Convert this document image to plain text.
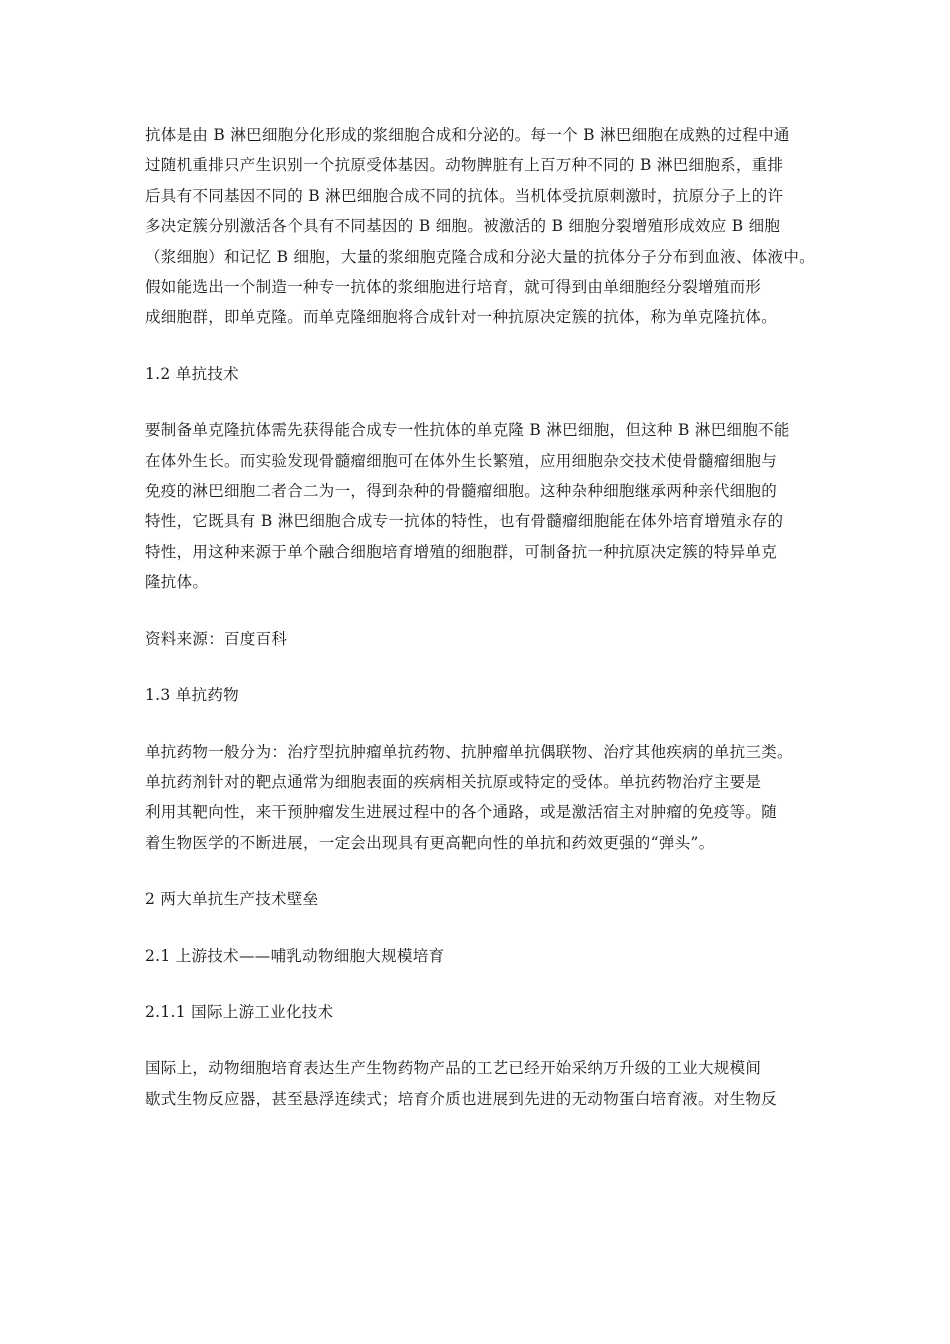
抗体是由 B 淋巴细胞分化形成的浆细胞合成和分泌的。每一个 B 淋巴细胞在成熟的过程中通
过随机重排只产生识别一个抗原受体基因。动物脾脏有上百万种不同的 B 淋巴细胞系，重排
后具有不同基因不同的 B 淋巴细胞合成不同的抗体。当机体受抗原刺激时，抗原分子上的许
多决定簇分别激活各个具有不同基因的 B 细胞。被激活的 B 细胞分裂增殖形成效应 B 细胞
（浆细胞）和记忆 B 细胞，大量的浆细胞克隆合成和分泌大量的抗体分子分布到血液、体液中。
假如能选出一个制造一种专一抗体的浆细胞进行培育，就可得到由单细胞经分裂增殖而形
成细胞群，即单克隆。而单克隆细胞将合成针对一种抗原决定簇的抗体，称为单克隆抗体。

1.2 单抗技术

要制备单克隆抗体需先获得能合成专一性抗体的单克隆 B 淋巴细胞，但这种 B 淋巴细胞不能
在体外生长。而实验发现骨髓瘤细胞可在体外生长繁殖，应用细胞杂交技术使骨髓瘤细胞与
免疫的淋巴细胞二者合二为一，得到杂种的骨髓瘤细胞。这种杂种细胞继承两种亲代细胞的
特性，它既具有 B 淋巴细胞合成专一抗体的特性，也有骨髓瘤细胞能在体外培育增殖永存的
特性，用这种来源于单个融合细胞培育增殖的细胞群，可制备抗一种抗原决定簇的特异单克
隆抗体。

资料来源：百度百科

1.3 单抗药物

单抗药物一般分为：治疗型抗肿瘤单抗药物、抗肿瘤单抗偶联物、治疗其他疾病的单抗三类。
单抗药剂针对的靶点通常为细胞表面的疾病相关抗原或特定的受体。单抗药物治疗主要是
利用其靶向性，来干预肿瘤发生进展过程中的各个通路，或是激活宿主对肿瘤的免疫等。随
着生物医学的不断进展，一定会出现具有更高靶向性的单抗和药效更强的“弹头”。

2 两大单抗生产技术壁垒

2.1 上游技术——哺乳动物细胞大规模培育

2.1.1 国际上游工业化技术

国际上，动物细胞培育表达生产生物药物产品的工艺已经开始采纳万升级的工业大规模间
歇式生物反应器，甚至悬浮连续式；培育介质也进展到先进的无动物蛋白培育液。对生物反
